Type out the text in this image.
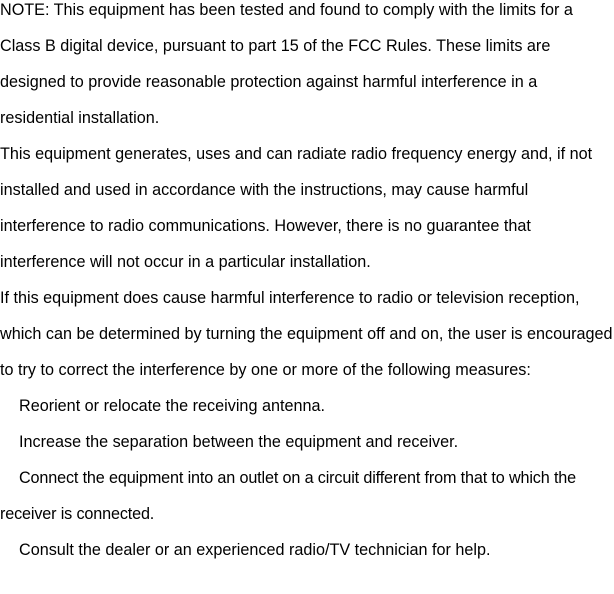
NOTE: This equipment has been tested and found to comply with the limits for a Class B digital device, pursuant to part 15 of the FCC Rules. These limits are designed to provide reasonable protection against harmful interference in a residential installation.

This equipment generates, uses and can radiate radio frequency energy and, if not installed and used in accordance with the instructions, may cause harmful interference to radio communications. However, there is no guarantee that interference will not occur in a particular installation.

If this equipment does cause harmful interference to radio or television reception, which can be determined by turning the equipment off and on, the user is encouraged to try to correct the interference by one or more of the following measures:

Reorient or relocate the receiving antenna.

Increase the separation between the equipment and receiver.

Connect the equipment into an outlet on a circuit different from that to which the receiver is connected.

Consult the dealer or an experienced radio/TV technician for help.
